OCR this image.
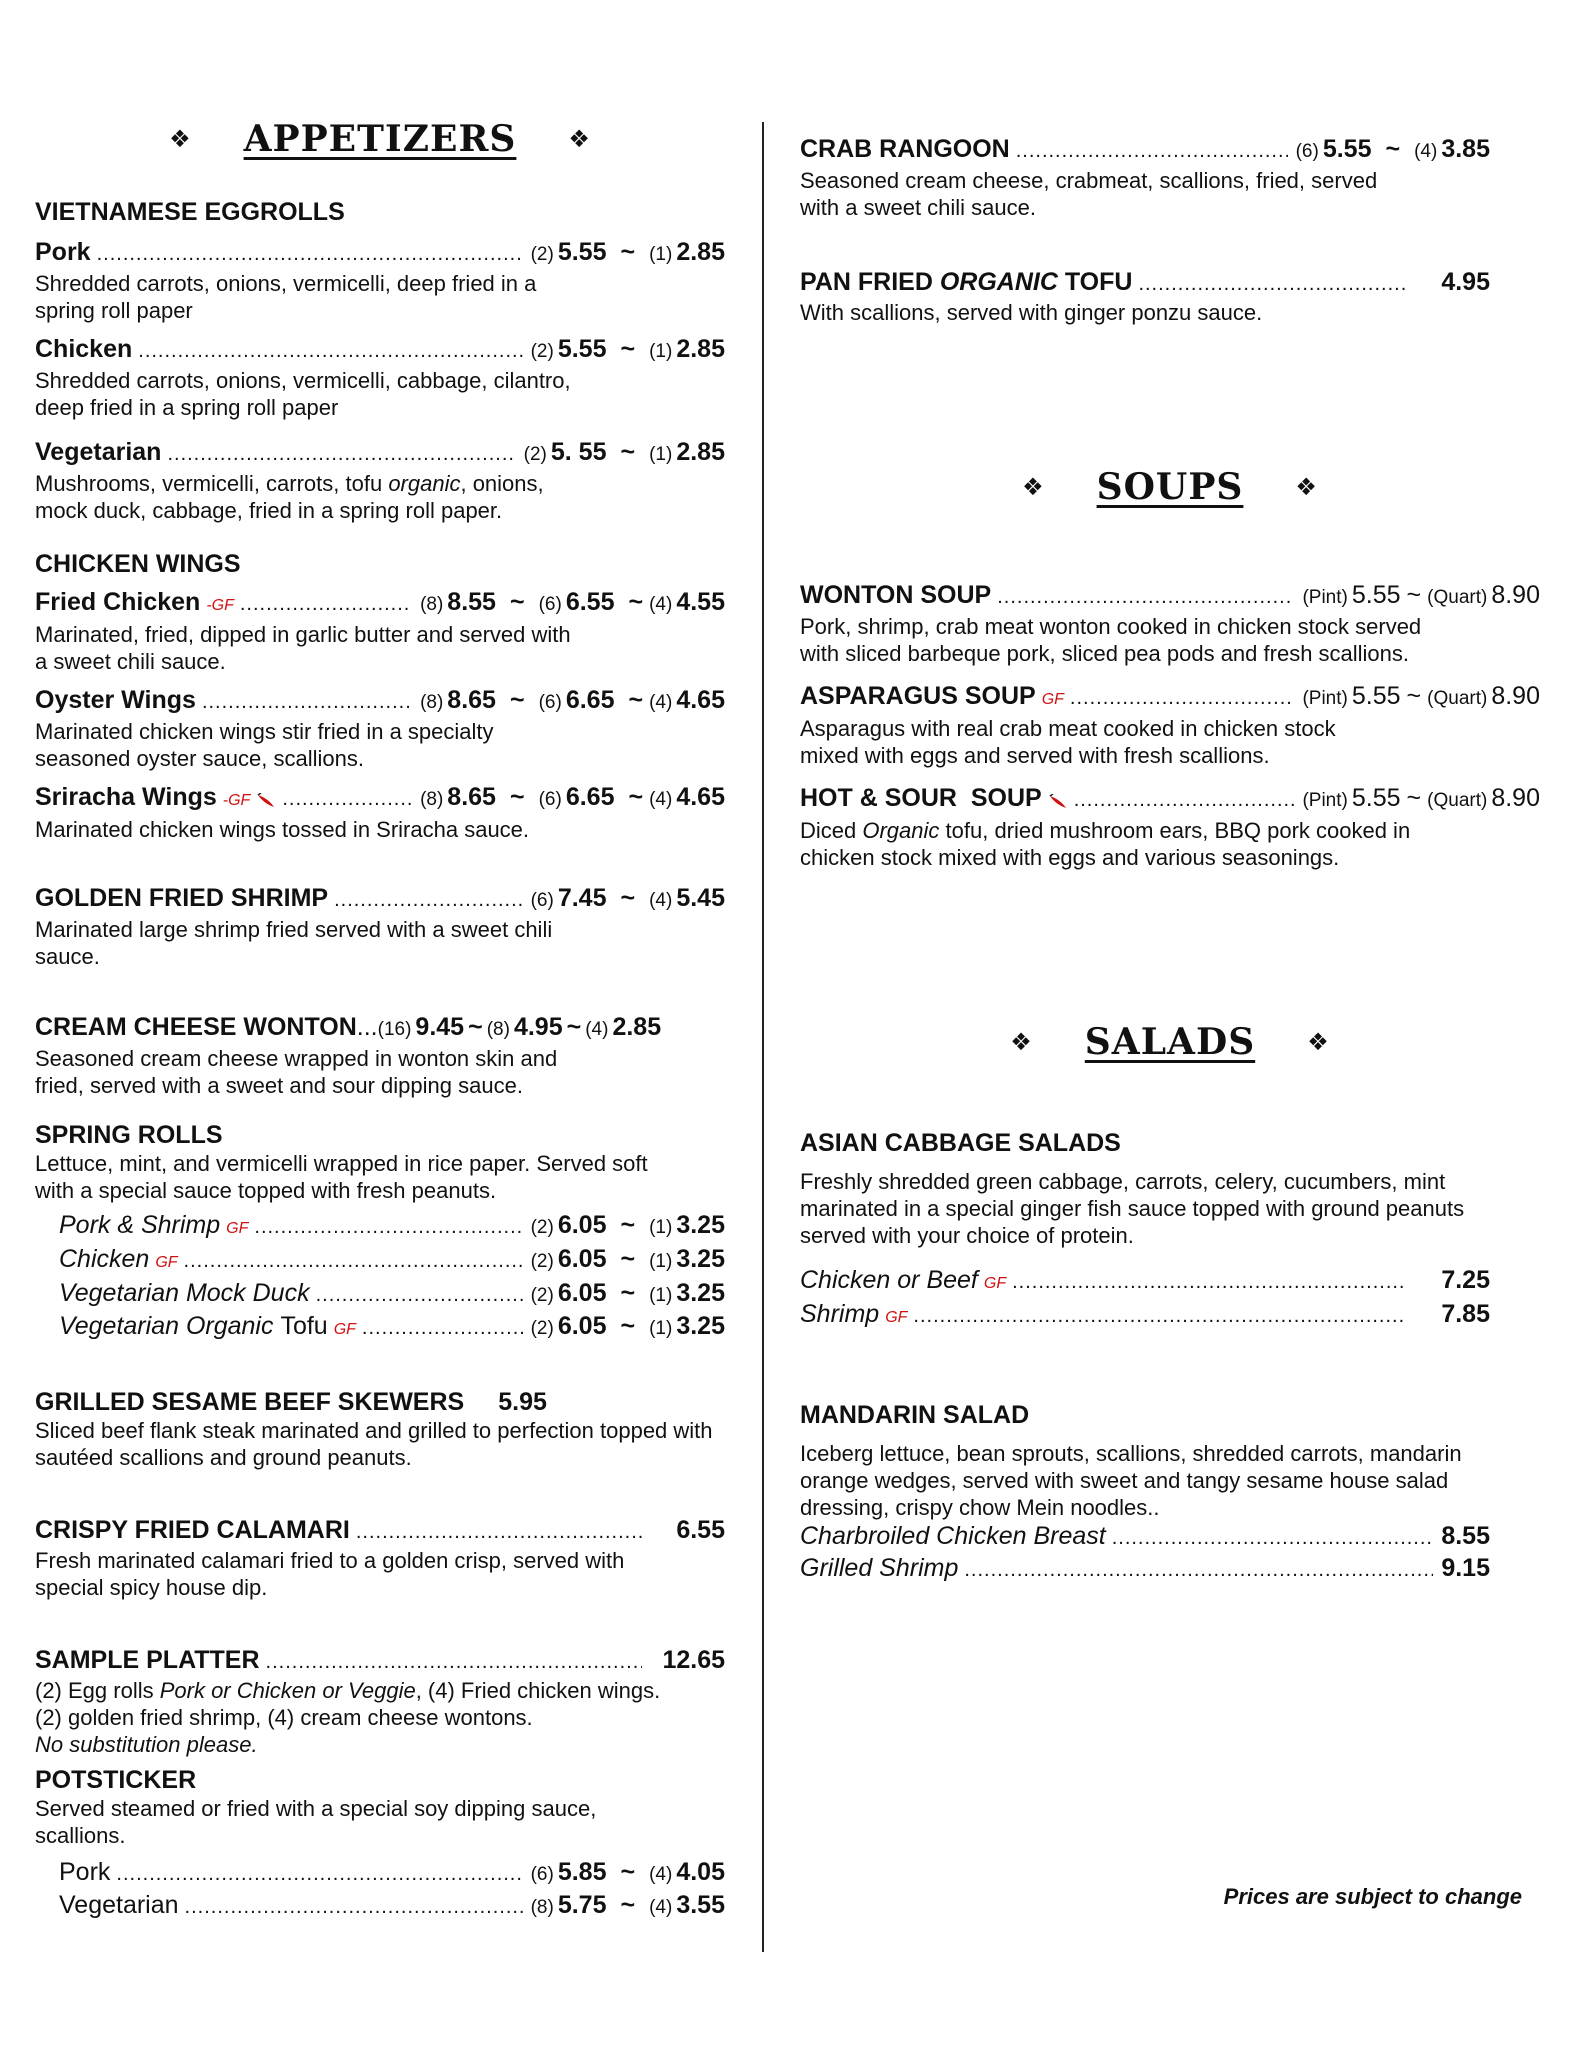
❖ APPETIZERS ❖
VIETNAMESE EGGROLLS
Pork .....	(2) 5.55 ~ (1) 2.85
Shredded carrots, onions, vermicelli, deep fried in a spring roll paper
Chicken .....	(2) 5.55 ~ (1) 2.85
Shredded carrots, onions, vermicelli, cabbage, cilantro, deep fried in a spring roll paper
Vegetarian .....	(2) 5. 55 ~ (1) 2.85
Mushrooms, vermicelli, carrots, tofu organic, onions, mock duck, cabbage, fried in a spring roll paper.
CHICKEN WINGS
Fried Chicken -GF .....	(8) 8.55 ~ (6) 6.55 ~ (4) 4.55
Marinated, fried, dipped in garlic butter and served with a sweet chili sauce.
Oyster Wings .....	(8) 8.65 ~ (6) 6.65 ~ (4) 4.65
Marinated chicken wings stir fried in a specialty seasoned oyster sauce, scallions.
Sriracha Wings -GF .....	(8) 8.65 ~ (6) 6.65 ~ (4) 4.65
Marinated chicken wings tossed in Sriracha sauce.
GOLDEN FRIED SHRIMP .....	(6) 7.45 ~ (4) 5.45
Marinated large shrimp fried served with a sweet chili sauce.
CREAM CHEESE WONTON ... (16) 9.45 ~ (8) 4.95 ~ (4) 2.85
Seasoned cream cheese wrapped in wonton skin and fried, served with a sweet and sour dipping sauce.
SPRING ROLLS
Lettuce, mint, and vermicelli wrapped in rice paper. Served soft with a special sauce topped with fresh peanuts.
Pork & Shrimp GF .....	(2) 6.05 ~ (1) 3.25
Chicken GF .....	(2) 6.05 ~ (1) 3.25
Vegetarian Mock Duck .....	(2) 6.05 ~ (1) 3.25
Vegetarian Organic Tofu GF .....	(2) 6.05 ~ (1) 3.25
GRILLED SESAME BEEF SKEWERS 5.95
Sliced beef flank steak marinated and grilled to perfection topped with sautéed scallions and ground peanuts.
CRISPY FRIED CALAMARI .....	6.55
Fresh marinated calamari fried to a golden crisp, served with special spicy house dip.
SAMPLE PLATTER .....	12.65
(2) Egg rolls Pork or Chicken or Veggie, (4) Fried chicken wings.
(2) golden fried shrimp, (4) cream cheese wontons.
No substitution please.
POTSTICKER
Served steamed or fried with a special soy dipping sauce, scallions.
Pork .....	(6) 5.85 ~ (4) 4.05
Vegetarian .....	(8) 5.75 ~ (4) 3.55
CRAB RANGOON .....	(6) 5.55 ~ (4) 3.85
Seasoned cream cheese, crabmeat, scallions, fried, served with a sweet chili sauce.
PAN FRIED ORGANIC TOFU .....	4.95
With scallions, served with ginger ponzu sauce.
❖ SOUPS ❖
WONTON SOUP .....	(Pint) 5.55 ~ (Quart) 8.90
Pork, shrimp, crab meat wonton cooked in chicken stock served with sliced barbeque pork, sliced pea pods and fresh scallions.
ASPARAGUS SOUP GF .....	(Pint) 5.55 ~ (Quart) 8.90
Asparagus with real crab meat cooked in chicken stock mixed with eggs and served with fresh scallions.
HOT & SOUR  SOUP .....	(Pint) 5.55 ~ (Quart) 8.90
Diced Organic tofu, dried mushroom ears, BBQ pork cooked in chicken stock mixed with eggs and various seasonings.
❖ SALADS ❖
ASIAN CABBAGE SALADS
Freshly shredded green cabbage, carrots, celery, cucumbers, mint marinated in a special ginger fish sauce topped with ground peanuts served with your choice of protein.
Chicken or Beef GF .....	7.25
Shrimp GF .....	7.85
MANDARIN SALAD
Iceberg lettuce, bean sprouts, scallions, shredded carrots, mandarin orange wedges, served with sweet and tangy sesame house salad dressing, crispy chow Mein noodles..
Charbroiled Chicken Breast .....	8.55
Grilled Shrimp .....	9.15
Prices are subject to change
